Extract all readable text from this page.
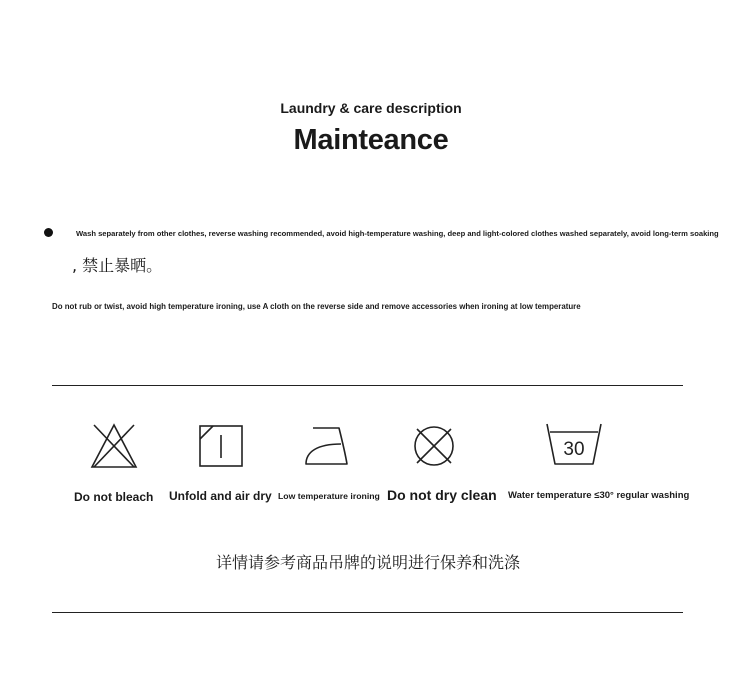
Laundry & care description
Mainteance
Wash separately from other clothes, reverse washing recommended, avoid high-temperature washing, deep and light-colored clothes washed separately, avoid long-term soaking
, 禁止暴晒。
Do not rub or twist, avoid high temperature ironing, use A cloth on the reverse side and remove accessories when ironing at low temperature
30
Do not bleach Unfold and air dry Low temperature ironing Do not dry clean Water temperature ≤30° regular washing
详情请参考商品吊牌的说明进行保养和洗涤
